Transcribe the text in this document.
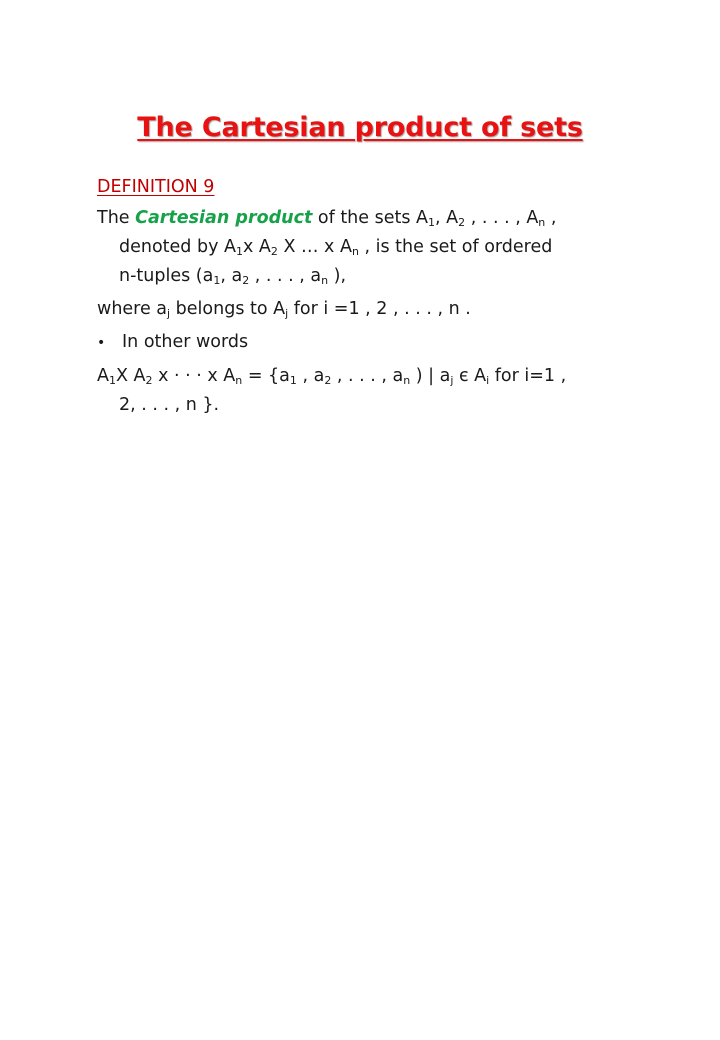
The Cartesian product of sets
DEFINITION 9
The Cartesian product of the sets $A_1$, $A_2$ , . . . , $A_n$ , denoted by $A_1x$ $A_2$ X … x $A_n$ , is the set of ordered n-tuples ($a_1$, $a_2$ , . . . , $a_n$ ),
where $a_j$ belongs to $A_j$ for i =1 , 2 , . . . , n .
• In other words
$A_1X$ $A_2$ x · · · x $A_n = \{a_1$ , $a_2$ , . . . , $a_n$ ) | $a_j$ є $A_i$ for i=1 , 2, . . . , n }.
